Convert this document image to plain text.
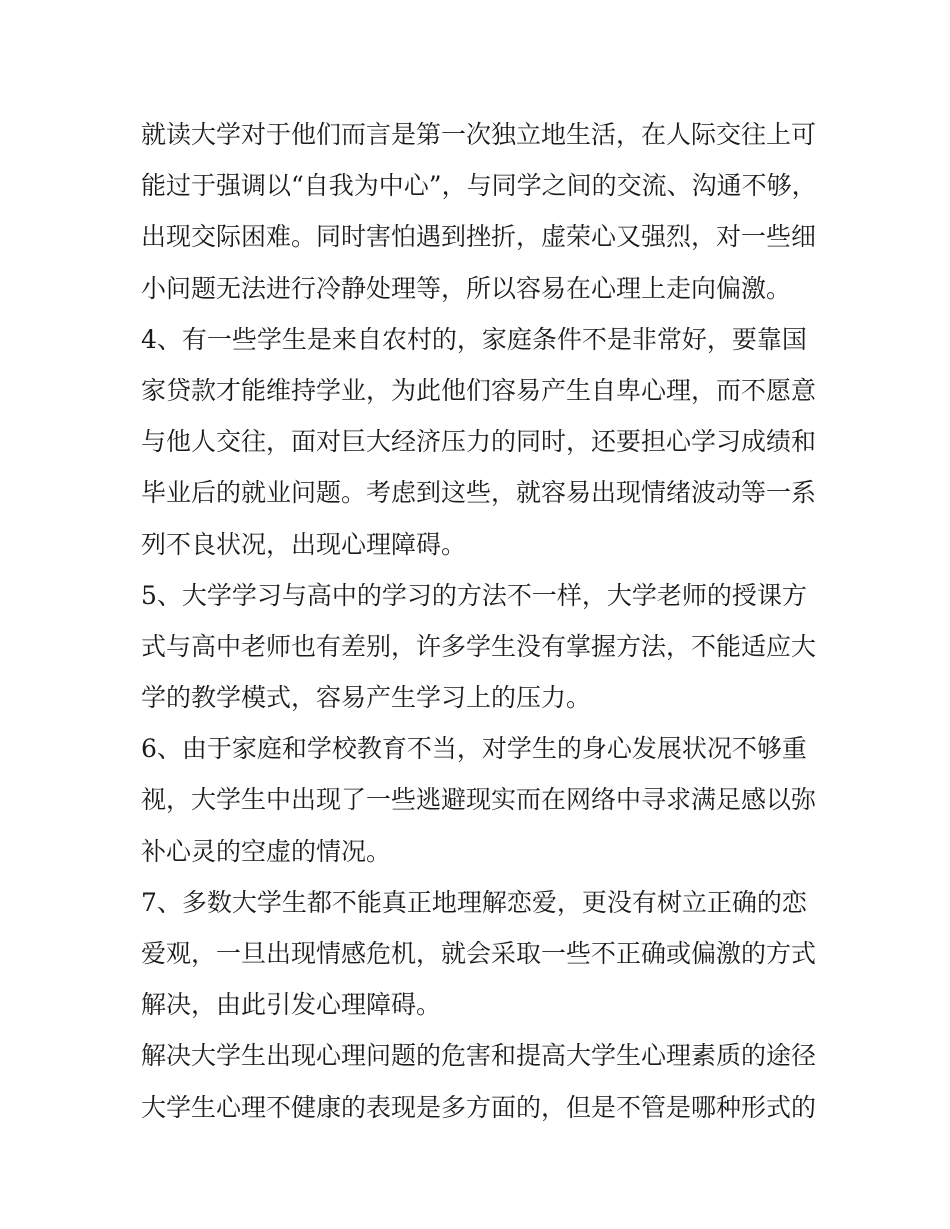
就读大学对于他们而言是第一次独立地生活，在人际交往上可
能过于强调以“自我为中心”，与同学之间的交流、沟通不够，
出现交际困难。同时害怕遇到挫折，虚荣心又强烈，对一些细
小问题无法进行冷静处理等，所以容易在心理上走向偏激。
4、有一些学生是来自农村的，家庭条件不是非常好，要靠国
家贷款才能维持学业，为此他们容易产生自卑心理，而不愿意
与他人交往，面对巨大经济压力的同时，还要担心学习成绩和
毕业后的就业问题。考虑到这些，就容易出现情绪波动等一系
列不良状况，出现心理障碍。
5、大学学习与高中的学习的方法不一样，大学老师的授课方
式与高中老师也有差别，许多学生没有掌握方法，不能适应大
学的教学模式，容易产生学习上的压力。
6、由于家庭和学校教育不当，对学生的身心发展状况不够重
视，大学生中出现了一些逃避现实而在网络中寻求满足感以弥
补心灵的空虚的情况。
7、多数大学生都不能真正地理解恋爱，更没有树立正确的恋
爱观，一旦出现情感危机，就会采取一些不正确或偏激的方式
解决，由此引发心理障碍。
解决大学生出现心理问题的危害和提高大学生心理素质的途径
大学生心理不健康的表现是多方面的，但是不管是哪种形式的
